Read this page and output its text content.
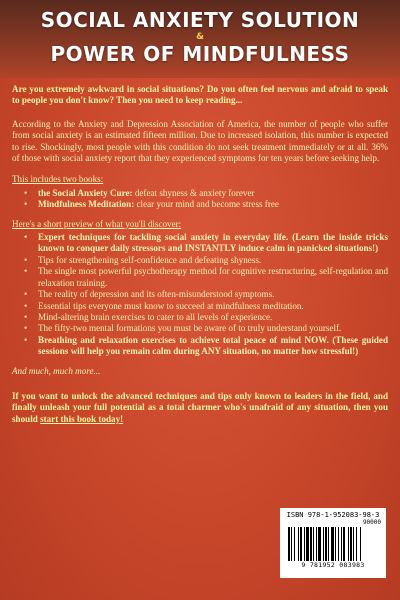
SOCIAL ANXIETY SOLUTION
&
POWER OF MINDFULNESS

Are you extremely awkward in social situations? Do you often feel nervous and afraid to speak to people you don't know? Then you need to keep reading...

According to the Anxiety and Depression Association of America, the number of people who suffer from social anxiety is an estimated fifteen million. Due to increased isolation, this number is expected to rise. Shockingly, most people with this condition do not seek treatment immediately or at all. 36% of those with social anxiety report that they experienced symptoms for ten years before seeking help.

This includes two books:
• the Social Anxiety Cure: defeat shyness & anxiety forever
• Mindfulness Meditation: clear your mind and become stress free
Here's a short preview of what you'll discover:
• Expert techniques for tackling social anxiety in everyday life. (Learn the inside tricks known to conquer daily stressors and INSTANTLY induce calm in panicked situations!)
• Tips for strengthening self-confidence and defeating shyness.
• The single most powerful psychotherapy method for cognitive restructuring, self-regulation and relaxation training.
• The reality of depression and its often-misunderstood symptoms.
• Essential tips everyone must know to succeed at mindfulness meditation.
• Mind-altering brain exercises to cater to all levels of experience.
• The fifty-two mental formations you must be aware of to truly understand yourself.
• Breathing and relaxation exercises to achieve total peace of mind NOW. (These guided sessions will help you remain calm during ANY situation, no matter how stressful!)

And much, much more...

If you want to unlock the advanced techniques and tips only known to leaders in the field, and finally unleash your full potential as a total charmer who's unafraid of any situation, then you should start this book today!

ISBN 978-1-952083-98-3
90000
9 781952 083983
